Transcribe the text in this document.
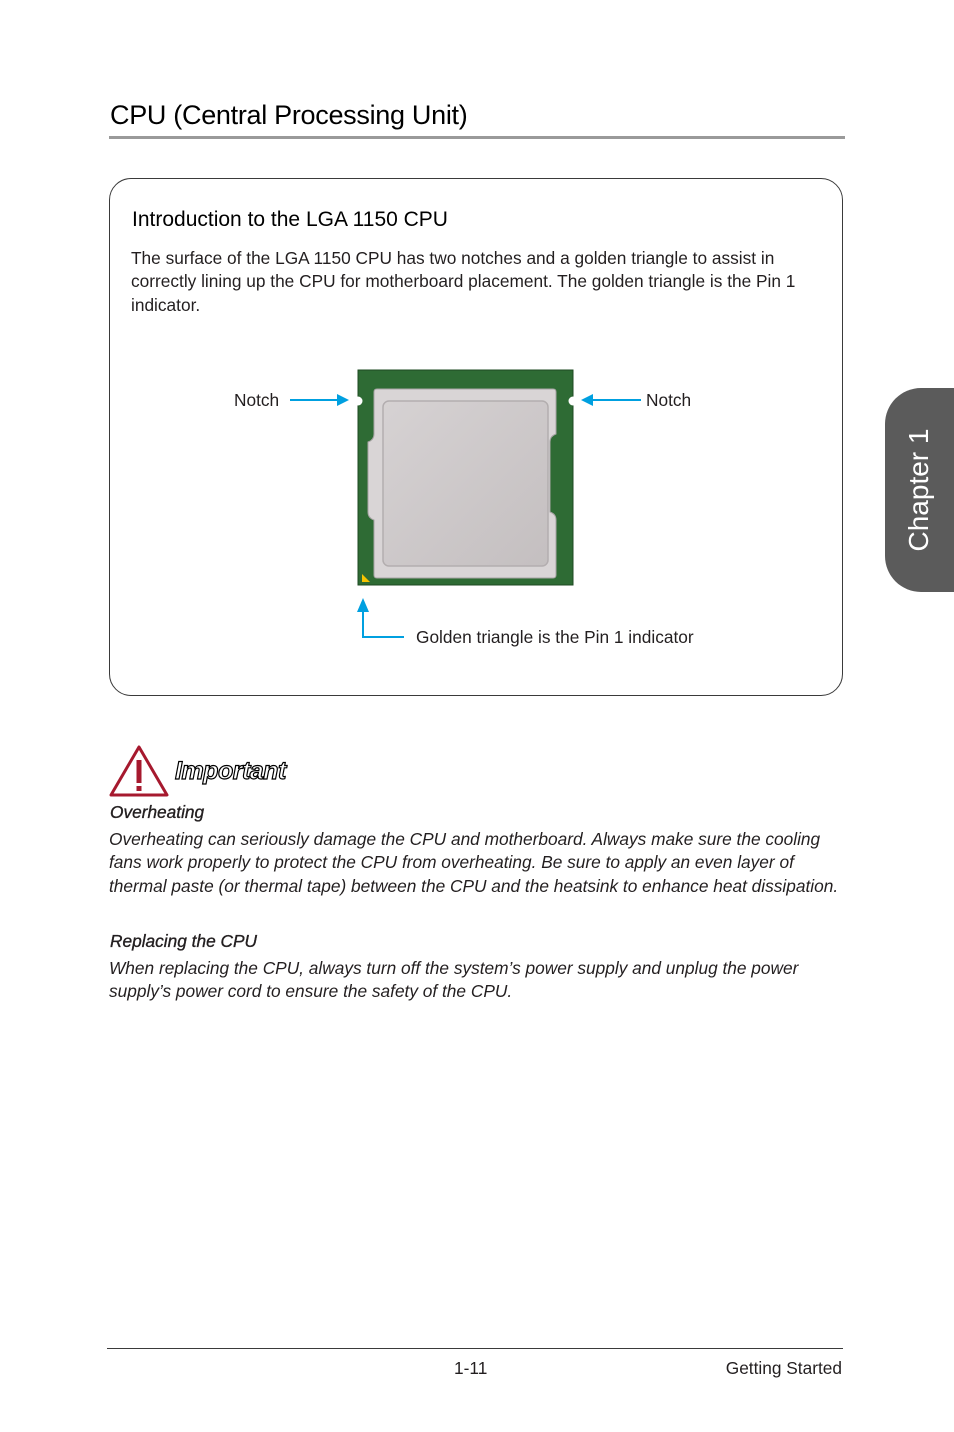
CPU (Central Processing Unit)
Introduction to the LGA 1150 CPU

The surface of the LGA 1150 CPU has two notches and a golden triangle to assist in correctly lining up the CPU for motherboard placement. The golden triangle is the Pin 1 indicator.

Notch	Notch
Golden triangle is the Pin 1 indicator
Important
Overheating

Overheating can seriously damage the CPU and motherboard. Always make sure the cooling fans work properly to protect the CPU from overheating. Be sure to apply an even layer of thermal paste (or thermal tape) between the CPU and the heatsink to enhance heat dissipation.

Replacing the CPU

When replacing the CPU, always turn off the system’s power supply and unplug the power supply’s power cord to ensure the safety of the CPU.

1-11	Getting Started
Chapter 1
